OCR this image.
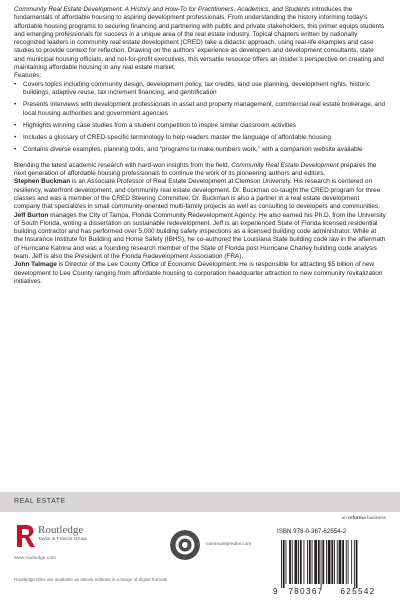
Community Real Estate Development: A History and How-To for Practitioners, Academics, and Students introduces the fundamentals of affordable housing to aspiring development professionals. From understanding the history informing today’s affordable housing programs to securing financing and partnering with public and private stakeholders, this primer equips students and emerging professionals for success in a unique area of the real estate industry. Topical chapters written by nationally recognized leaders in community real estate development (CRED) take a didactic approach, using real-life examples and case studies to provide context for reflection. Drawing on the authors’ experience as developers and development consultants, state and municipal housing officials, and not-for-profit executives, this versatile resource offers an insider’s perspective on creating and maintaining affordable housing in any real estate market.

Features:

• Covers topics including community design, development policy, tax credits, land use planning, development rights, historic buildings, adaptive reuse, tax increment financing, and gentrification
• Presents interviews with development professionals in asset and property management, commercial real estate brokerage, and local housing authorities and government agencies
• Highlights winning case studies from a student competition to inspire similar classroom activities
• Includes a glossary of CRED-specific terminology to help readers master the language of affordable housing
• Contains diverse examples, planning tools, and “programs to make numbers work,” with a companion website available

Blending the latest academic research with hard-won insights from the field, Community Real Estate Development prepares the next generation of affordable housing professionals to continue the work of its pioneering authors and editors.

Stephen Buckman is an Associate Professor of Real Estate Development at Clemson University. His research is centered on resiliency, waterfront development, and community real estate development. Dr. Buckman co-taught the CRED program for three classes and was a member of the CRED Steering Committee. Dr. Buckman is also a partner in a real estate development company that specializes in small community-oriented multi-family projects as well as consulting to developers and communities.

Jeff Burton manages the City of Tampa, Florida Community Redevelopment Agency. He also earned his Ph.D. from the University of South Florida, writing a dissertation on sustainable redevelopment. Jeff is an experienced State of Florida licensed residential building contractor and has performed over 5,000 building safety inspections as a licensed building code administrator. While at the Insurance Institute for Building and Home Safety (IBHS), he co-authored the Louisiana State building code law in the aftermath of Hurricane Katrina and was a founding research member of the State of Florida post Hurricane Charley building code analysis team. Jeff is also the President of the Florida Redevelopment Association (FRA).

John Talmage is Director of the Lee County Office of Economic Development. He is responsible for attracting $5 billion of new development to Lee County ranging from affordable housing to corporation headquarter attraction to new community revitalization initiatives.

REAL ESTATE
Routledge
Taylor & Francis Group
www.routledge.com
Routledge titles are available as eBook editions in a range of digital formats
communityredev.com
an informa business
ISBN 978-0-367-62554-2
9 780367 625542
